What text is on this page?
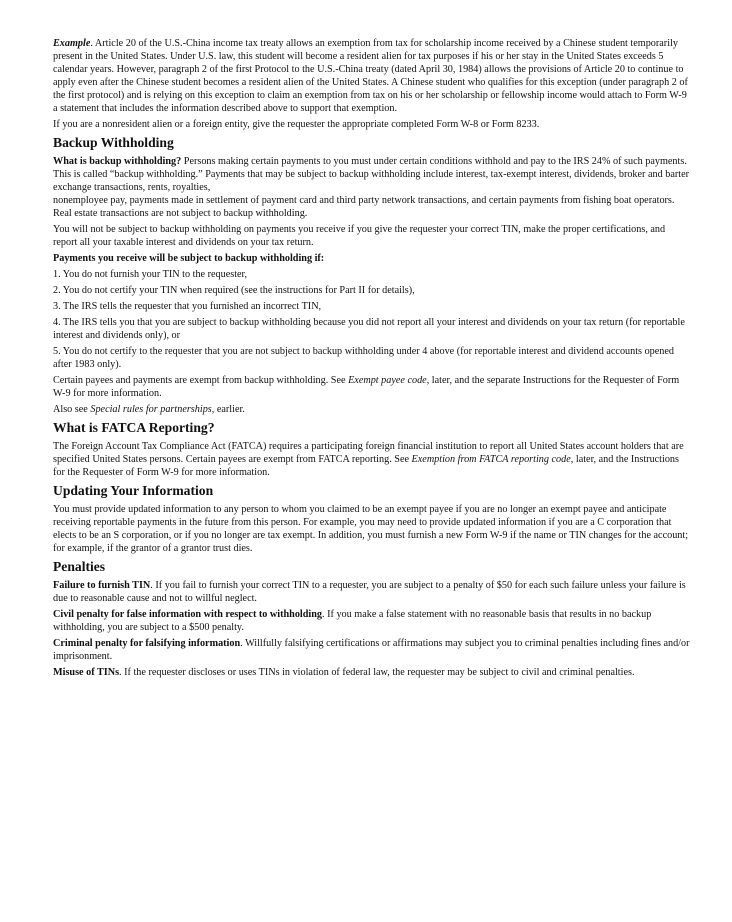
Example. Article 20 of the U.S.-China income tax treaty allows an exemption from tax for scholarship income received by a Chinese student temporarily present in the United States. Under U.S. law, this student will become a resident alien for tax purposes if his or her stay in the United States exceeds 5 calendar years. However, paragraph 2 of the first Protocol to the U.S.-China treaty (dated April 30, 1984) allows the provisions of Article 20 to continue to apply even after the Chinese student becomes a resident alien of the United States. A Chinese student who qualifies for this exception (under paragraph 2 of the first protocol) and is relying on this exception to claim an exemption from tax on his or her scholarship or fellowship income would attach to Form W-9 a statement that includes the information described above to support that exemption.

If you are a nonresident alien or a foreign entity, give the requester the appropriate completed Form W-8 or Form 8233.

Backup Withholding

What is backup withholding? Persons making certain payments to you must under certain conditions withhold and pay to the IRS 24% of such payments. This is called “backup withholding.” Payments that may be subject to backup withholding include interest, tax-exempt interest, dividends, broker and barter exchange transactions, rents, royalties,
nonemployee pay, payments made in settlement of payment card and third party network transactions, and certain payments from fishing boat operators. Real estate transactions are not subject to backup withholding.

You will not be subject to backup withholding on payments you receive if you give the requester your correct TIN, make the proper certifications, and report all your taxable interest and dividends on your tax return.

Payments you receive will be subject to backup withholding if:

1. You do not furnish your TIN to the requester,

2. You do not certify your TIN when required (see the instructions for Part II for details),

3. The IRS tells the requester that you furnished an incorrect TIN,

4. The IRS tells you that you are subject to backup withholding because you did not report all your interest and dividends on your tax return (for reportable interest and dividends only), or

5. You do not certify to the requester that you are not subject to backup withholding under 4 above (for reportable interest and dividend accounts opened after 1983 only).

Certain payees and payments are exempt from backup withholding. See Exempt payee code, later, and the separate Instructions for the Requester of Form W-9 for more information.

Also see Special rules for partnerships, earlier.

What is FATCA Reporting?

The Foreign Account Tax Compliance Act (FATCA) requires a participating foreign financial institution to report all United States account holders that are specified United States persons. Certain payees are exempt from FATCA reporting. See Exemption from FATCA reporting code, later, and the Instructions for the Requester of Form W-9 for more information.

Updating Your Information

You must provide updated information to any person to whom you claimed to be an exempt payee if you are no longer an exempt payee and anticipate receiving reportable payments in the future from this person. For example, you may need to provide updated information if you are a C corporation that elects to be an S corporation, or if you no longer are tax exempt. In addition, you must furnish a new Form W-9 if the name or TIN changes for the account; for example, if the grantor of a grantor trust dies.

Penalties

Failure to furnish TIN. If you fail to furnish your correct TIN to a requester, you are subject to a penalty of $50 for each such failure unless your failure is due to reasonable cause and not to willful neglect.

Civil penalty for false information with respect to withholding. If you make a false statement with no reasonable basis that results in no backup withholding, you are subject to a $500 penalty.

Criminal penalty for falsifying information. Willfully falsifying certifications or affirmations may subject you to criminal penalties including fines and/or imprisonment.

Misuse of TINs. If the requester discloses or uses TINs in violation of federal law, the requester may be subject to civil and criminal penalties.
